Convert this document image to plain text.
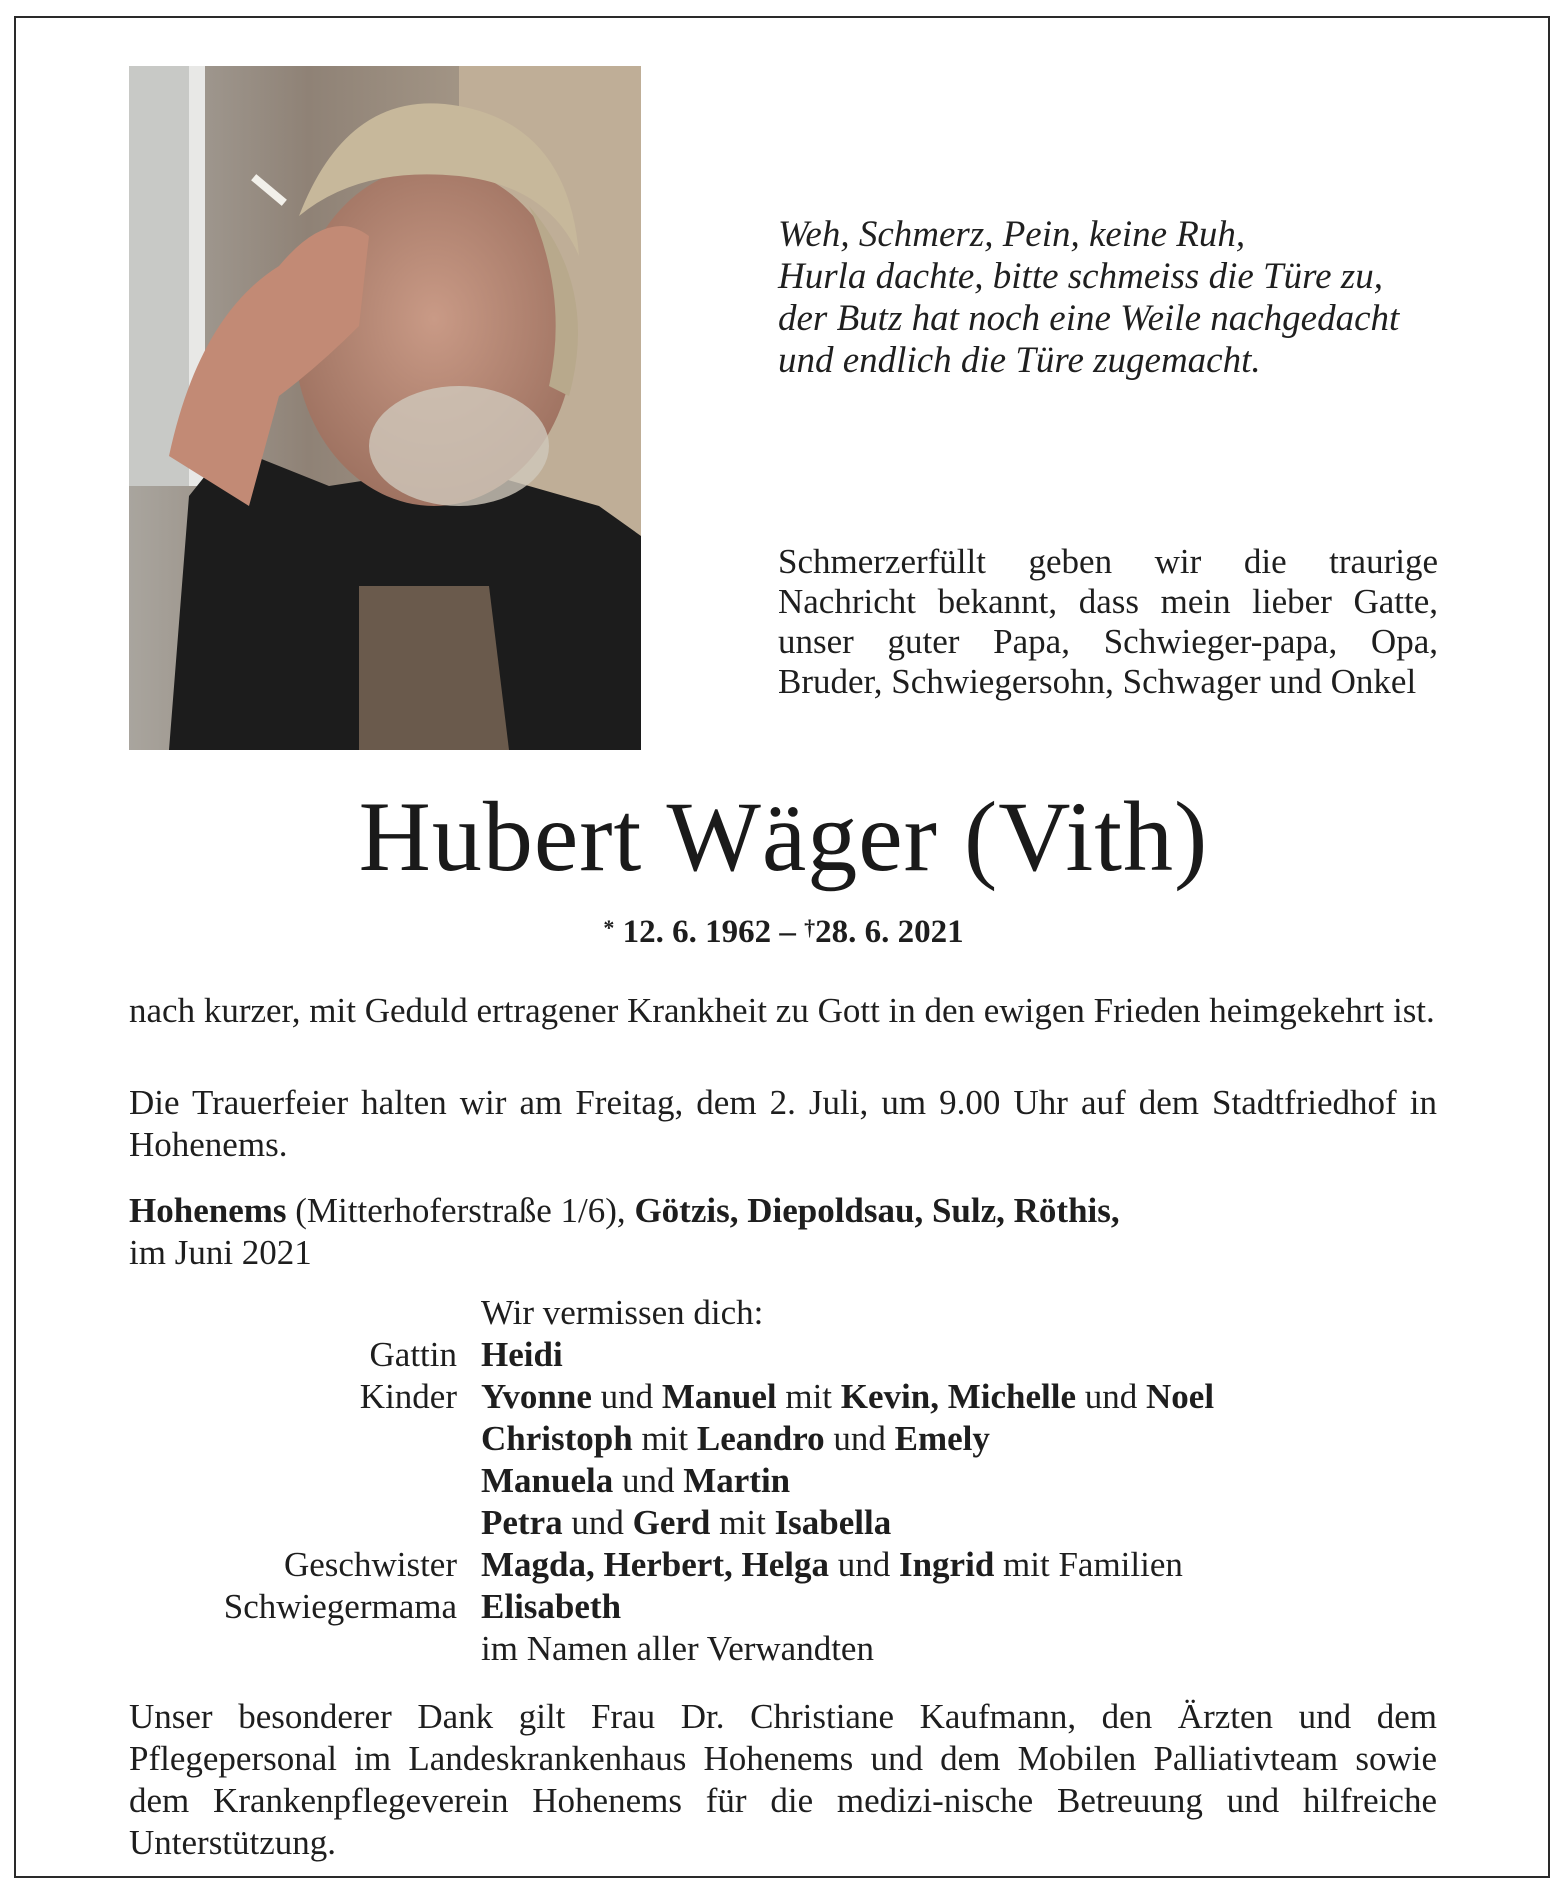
Weh, Schmerz, Pein, keine Ruh,
Hurla dachte, bitte schmeiss die Türe zu,
der Butz hat noch eine Weile nachgedacht
und endlich die Türe zugemacht.
Schmerzerfüllt geben wir die traurige Nachricht bekannt, dass mein lieber Gatte, unser guter Papa, Schwieger-papa, Opa, Bruder, Schwiegersohn, Schwager und Onkel
Hubert Wäger (Vith)
* 12. 6. 1962 – †28. 6. 2021
nach kurzer, mit Geduld ertragener Krankheit zu Gott in den ewigen Frieden heimgekehrt ist.
Die Trauerfeier halten wir am Freitag, dem 2. Juli, um 9.00 Uhr auf dem Stadtfriedhof in Hohenems.
Hohenems (Mitterhoferstraße 1/6), Götzis, Diepoldsau, Sulz, Röthis,
im Juni 2021
Wir vermissen dich:
Gattin Heidi
Kinder Yvonne und Manuel mit Kevin, Michelle und Noel
Christoph mit Leandro und Emely
Manuela und Martin
Petra und Gerd mit Isabella
Geschwister Magda, Herbert, Helga und Ingrid mit Familien
Schwiegermama Elisabeth
im Namen aller Verwandten
Unser besonderer Dank gilt Frau Dr. Christiane Kaufmann, den Ärzten und dem Pflegepersonal im Landeskrankenhaus Hohenems und dem Mobilen Palliativteam sowie dem Krankenpflegeverein Hohenems für die medizi-nische Betreuung und hilfreiche Unterstützung.
